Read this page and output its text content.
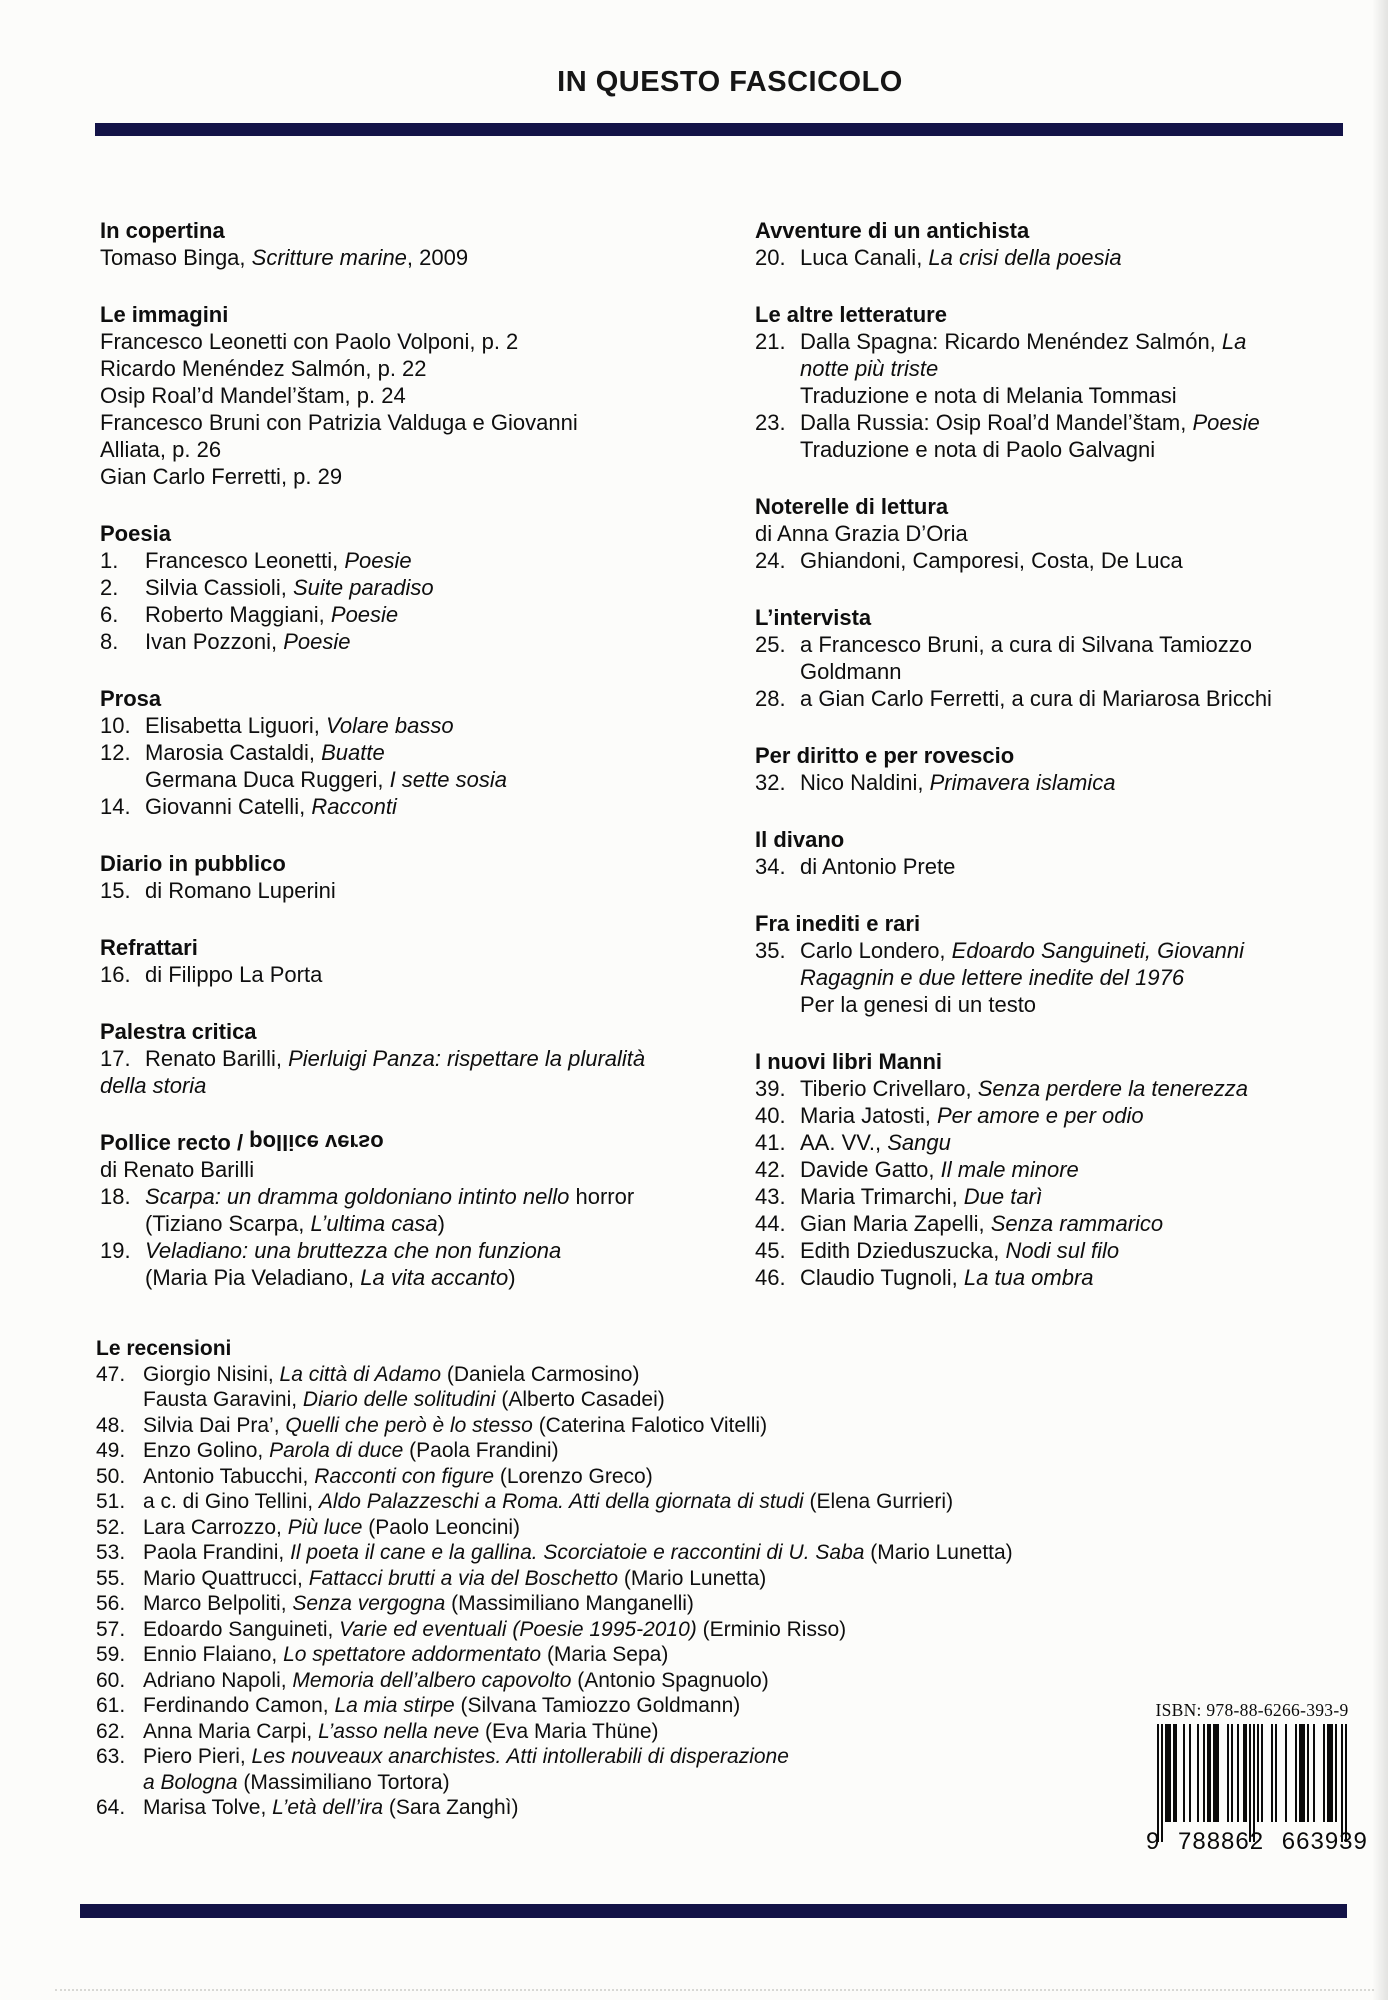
IN QUESTO FASCICOLO
In copertina
Tomaso Binga, Scritture marine, 2009
Le immagini
Francesco Leonetti con Paolo Volponi, p. 2
Ricardo Menéndez Salmón, p. 22
Osip Roal’d Mandel’štam, p. 24
Francesco Bruni con Patrizia Valduga e Giovanni
Alliata, p. 26
Gian Carlo Ferretti, p. 29
Poesia
1. Francesco Leonetti, Poesie
2. Silvia Cassioli, Suite paradiso
6. Roberto Maggiani, Poesie
8. Ivan Pozzoni, Poesie
Prosa
10. Elisabetta Liguori, Volare basso
12. Marosia Castaldi, Buatte
Germana Duca Ruggeri, I sette sosia
14. Giovanni Catelli, Racconti
Diario in pubblico
15. di Romano Luperini
Refrattari
16. di Filippo La Porta
Palestra critica
17. Renato Barilli, Pierluigi Panza: rispettare la pluralità
della storia
Pollice recto / pollice verso
di Renato Barilli
18. Scarpa: un dramma goldoniano intinto nello horror
(Tiziano Scarpa, L’ultima casa)
19. Veladiano: una bruttezza che non funziona
(Maria Pia Veladiano, La vita accanto)
Avventure di un antichista
20. Luca Canali, La crisi della poesia
Le altre letterature
21. Dalla Spagna: Ricardo Menéndez Salmón, La
notte più triste
Traduzione e nota di Melania Tommasi
23. Dalla Russia: Osip Roal’d Mandel’štam, Poesie
Traduzione e nota di Paolo Galvagni
Noterelle di lettura
di Anna Grazia D’Oria
24. Ghiandoni, Camporesi, Costa, De Luca
L’intervista
25. a Francesco Bruni, a cura di Silvana Tamiozzo
Goldmann
28. a Gian Carlo Ferretti, a cura di Mariarosa Bricchi
Per diritto e per rovescio
32. Nico Naldini, Primavera islamica
Il divano
34. di Antonio Prete
Fra inediti e rari
35. Carlo Londero, Edoardo Sanguineti, Giovanni
Ragagnin e due lettere inedite del 1976
Per la genesi di un testo
I nuovi libri Manni
39. Tiberio Crivellaro, Senza perdere la tenerezza
40. Maria Jatosti, Per amore e per odio
41. AA. VV., Sangu
42. Davide Gatto, Il male minore
43. Maria Trimarchi, Due tarì
44. Gian Maria Zapelli, Senza rammarico
45. Edith Dzieduszucka, Nodi sul filo
46. Claudio Tugnoli, La tua ombra
Le recensioni
47. Giorgio Nisini, La città di Adamo (Daniela Carmosino)
Fausta Garavini, Diario delle solitudini (Alberto Casadei)
48. Silvia Dai Pra’, Quelli che però è lo stesso (Caterina Falotico Vitelli)
49. Enzo Golino, Parola di duce (Paola Frandini)
50. Antonio Tabucchi, Racconti con figure (Lorenzo Greco)
51. a c. di Gino Tellini, Aldo Palazzeschi a Roma. Atti della giornata di studi (Elena Gurrieri)
52. Lara Carrozzo, Più luce (Paolo Leoncini)
53. Paola Frandini, Il poeta il cane e la gallina. Scorciatoie e raccontini di U. Saba (Mario Lunetta)
55. Mario Quattrucci, Fattacci brutti a via del Boschetto (Mario Lunetta)
56. Marco Belpoliti, Senza vergogna (Massimiliano Manganelli)
57. Edoardo Sanguineti, Varie ed eventuali (Poesie 1995-2010) (Erminio Risso)
59. Ennio Flaiano, Lo spettatore addormentato (Maria Sepa)
60. Adriano Napoli, Memoria dell’albero capovolto (Antonio Spagnuolo)
61. Ferdinando Camon, La mia stirpe (Silvana Tamiozzo Goldmann)
62. Anna Maria Carpi, L’asso nella neve (Eva Maria Thüne)
63. Piero Pieri, Les nouveaux anarchistes. Atti intollerabili di disperazione
a Bologna (Massimiliano Tortora)
64. Marisa Tolve, L’età dell’ira (Sara Zanghì)
ISBN: 978-88-6266-393-9
9 788862 663939
